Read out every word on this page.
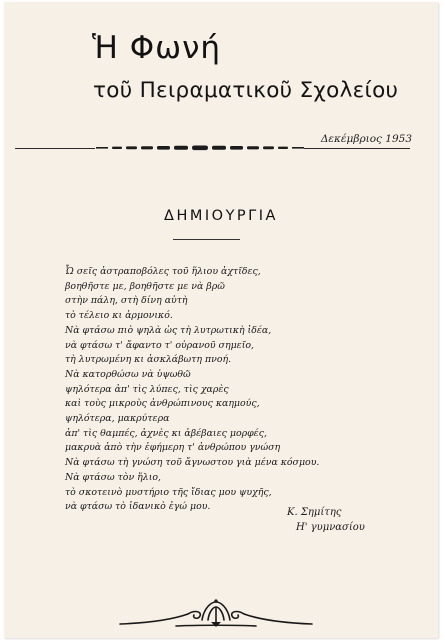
Ἡ Φωνή
τοῦ Πειραματικοῦ Σχολείου
Δεκέμβριος 1953
ΔΗΜΙΟΥΡΓΙΑ
Ὦ σεῖς ἀστραποβόλες τοῦ ἥλιου ἀχτῖδες,
βοηθῆστε με, βοηθῆστε με νὰ βρῶ
στὴν πάλη, στὴ δίνη αὐτὴ
τὸ τέλειο κι ἁρμονικό.
Νὰ φτάσω πιὸ ψηλὰ ὡς τὴ λυτρωτικὴ ἰδέα,
νὰ φτάσω τ' ἄφαντο τ' οὐρανοῦ σημεῖο,
τὴ λυτρωμένη κι ἀσκλάβωτη πνοή.
Νὰ κατορθώσω νὰ ὑψωθῶ
ψηλότερα ἀπ' τὶς λύπες, τὶς χαρὲς
καὶ τοὺς μικροὺς ἀνθρώπινους καημούς,
ψηλότερα, μακρύτερα
ἀπ' τὶς θαμπές, ἀχνὲς κι ἀβέβαιες μορφές,
μακρυὰ ἀπὸ τὴν ἐφήμερη τ' ἀνθρώπου γνώση
Νὰ φτάσω τὴ γνώση τοῦ ἄγνωστου γιὰ μένα κόσμου.
Νὰ φτάσω τὸν ἥλιο,
τὸ σκοτεινὸ μυστήριο τῆς ἴδιας μου ψυχῆς,
νὰ φτάσω τὸ ἰδανικὸ ἐγώ μου.
Κ. Σημίτης
Η' γυμνασίου
